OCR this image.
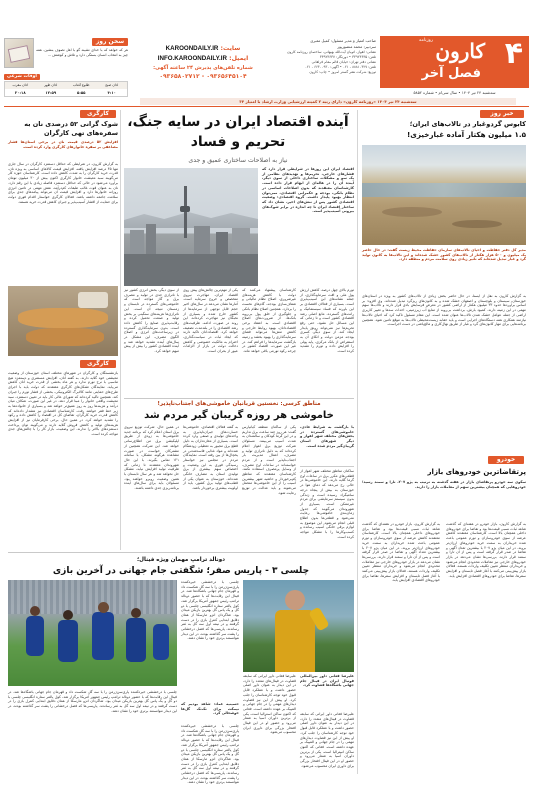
۴
کارون
روزنامه
فصل آخر
سه‌شنبه ۲۴ تیر ۱۴۰۴ • سال سی‌ام • شماره ۵۸۵۲
صاحب امتیاز و مدیر مسئول: کمیل معبری
سردبیر: محمد منصورپور
نشانی: اهواز، اتوبان آیت‌الله بهبهانی، ساختمان روزنامه کارون
تلفن: ۳۳۹۲۳۶۳۵ • دورنگار: ۳۳۹۲۳۶۳۷
نشانی دفتر تهران: خیابان قائم مقام فراهانی
تلفن: ۸۸۸۱۰۴۲۷ - ۰۲۱ • آگهی: ۶۶۴۰۰۹۳۰ - ۰۲۱
توزیع: شرکت نشر گستر امروز • چاپ: کارون
سایت: KAROONDAILY.IR
ایمیل: INFO.KAROONDAILY.IR
شماره تلفن‌های پذیرش ۲۴ ساعته آگهی:
۰۹۳۶۵۶۴۵۱۰۴ - ۰۹۳۶۵۸۰۲۷۱۲
سخن روز
هر که خواهد که با خدای نشیند گو با اهل تصوف بنشین. همه چیز به انتخاب انسان بستگی دارد و تلاش و کوشش ...
اوقات شرعی
اذان صبح
طلوع آفتاب
اذان ظهر
اذان مغرب
۴:۱۰
۵:۵۵
۱۲:۵۹
۲۰:۱۸
سه‌شنبه ۲۴ تیر ۱۴۰۴ «روزنامه کارون» دارای رتبه ۲ کمیته ارزشیابی وزارت ارشاد با امتیاز ۳۴
خبر روز
کابوس گردوغبار در تالاب‌های ایران؛
۱.۵ میلیون هکتار آماده غبارخیزی!
مدیر کل دفتر حفاظت و احیای تالاب‌های سازمان حفاظت محیط زیست گفت: در حال حاضر یک میلیون و ۵۰۰ هزار هکتار از تالاب‌های کشور خشک شده‌اند و این تالاب‌ها به کانون تولید گرد و غبار تبدیل شده‌اند که تاثیر زیادی روی سلامت مردم و منطقه دارد.
به گزارش کارون به نقل از ایسنا، در حال حاضر بخش زیادی از تالاب‌های کشور به ویژه در استان‌های خوزستان، سیستان و بلوچستان و اصفهان خشک شده و به کانون‌های ریزگرد تبدیل شده‌اند. وی افزود: بر اساس برآوردها حدود ۳۳ میلیون هکتار از اراضی کشور در معرض فرسایش بادی قرار دارند و تالاب‌ها سهم مهمی در این زمینه دارند. کمبود بارش، برداشت بی‌رویه از منابع آب زیرزمینی، احداث سدها و تغییر کاربری اراضی از جمله عوامل خشک شدن تالاب‌ها عنوان شده است. این مقام مسئول تاکید کرد که احیای تالاب‌ها نیازمند همکاری همه دستگاه‌های اجرایی است و باید حقابه زیست‌محیطی تالاب‌ها به موقع تامین شود. همچنین برنامه‌هایی برای مهار کانون‌های گرد و غبار از طریق نهال‌کاری و مالچ‌پاشی در دست اجراست.
خودرو
پرتقاضاترین خودروهای بازار
سکوی سه خودرو پرتقاضای بازار در هفته گذشته به ترتیب به پژو ۲۰۷، تارا و سمند رسید؛ خودروهایی که همچنان بیشترین سهم از معاملات بازار را دارند.
به گزارش کارون، بازار خودرو در هفته‌ای که گذشت شاهد ثبات نسبی قیمت‌ها بود و تقاضا برای خودروهای داخلی همچنان بالا است. کارشناسان معتقدند کاهش عرضه از سوی خودروسازان و تورم عمومی باعث شده خریداران به سمت خرید خودروهای ارزان‌تر بروند. در این میان پژو ۲۰۷ با بیشترین تعداد آگهی و تقاضا در صدر قرار گرفته است و پس از آن تارا و سمند قرار دارند. بررسی‌ها نشان می‌دهد در بازار خودروهای خارجی نیز معاملات محدودی انجام می‌شود و خریداران منتظر تعیین تکلیف واردات هستند. فعالان بازار پیش‌بینی می‌کنند با آغاز فصل تابستان و افزایش سفرها، تقاضا برای خودروهای اقتصادی افزایش یابد.
به گزارش کارون، بازار خودرو در هفته‌ای که گذشت شاهد ثبات نسبی قیمت‌ها بود و تقاضا برای خودروهای داخلی همچنان بالا است. کارشناسان معتقدند کاهش عرضه از سوی خودروسازان و تورم عمومی باعث شده خریداران به سمت خرید خودروهای ارزان‌تر بروند. در این میان پژو ۲۰۷ با بیشترین تعداد آگهی و تقاضا در صدر قرار گرفته است و پس از آن تارا و سمند قرار دارند. بررسی‌ها نشان می‌دهد در بازار خودروهای خارجی نیز معاملات محدودی انجام می‌شود و خریداران منتظر تعیین تکلیف واردات هستند. فعالان بازار پیش‌بینی می‌کنند با آغاز فصل تابستان و افزایش سفرها، تقاضا برای خودروهای اقتصادی افزایش یابد.
آینده اقتصاد ایران در سایه جنگ، تحریم و فساد
نیاز به اصلاحات ساختاری عمیق و جدی
اقتصاد ایران این روزها در شرایطی قرار دارد که فشارهای خارجی، تحریم‌ها و تهدیدهای نظامی از یک سو و مشکلات ساختاری داخلی از سوی دیگر، آینده آن را در هاله‌ای از ابهام قرار داده است. کارشناسان معتقدند که بدون اصلاحات اساسی در نظام بانکی، بودجه و حکمرانی اقتصادی، نمی‌توان انتظار بهبود پایدار داشت. گروه اقتصادی: وضعیت اقتصادی کشور پس از تنش‌های اخیر، نشان داد که ساختار اقتصاد ایران تا چه اندازه در برابر شوک‌های بیرونی آسیب‌پذیر است.
تورم بالای چهل درصد، کاهش ارزش پول ملی و افت سرمایه‌گذاری، از جمله نشانه‌های این آسیب‌پذیری است. بسیاری از فعالان اقتصادی بر این باورند که فساد سیستماتیک و رانت‌های گسترده، مانع اصلی رشد اقتصادی کشور است و تا زمانی که این مسائل حل نشود، حتی رفع تحریم‌ها نیز نمی‌تواند رونق پایدار ایجاد کند. از سوی دیگر، کسری بودجه مزمن دولت و اتکای آن به استقراض از بانک مرکزی، پایه پولی را افزایش داده و تورم را تشدید کرده است.
کارشناسان پیشنهاد می‌کنند که دولت با کاهش هزینه‌های غیرضروری، اصلاح نظام مالیاتی و شفاف‌سازی بودجه، گام‌های نخست را بردارد. همچنین اصلاح نظام بانکی و جلوگیری از خلق پول بی‌رویه بانک‌ها، از ضرورت‌های اصلاح اقتصادی است. به اعتقاد برخی اقتصاددانان، بهبود روابط خارجی و کاهش تنش‌ها می‌تواند فضای سرمایه‌گذاری را بهبود بخشد و زمینه بازگشت سرمایه‌ها را فراهم کند. در غیر این صورت، اقتصاد کشور در چرخه رکود تورمی باقی خواهد ماند.
یکی از مهم‌ترین چالش‌های پیش روی اقتصاد ایران، مهاجرت نیروی متخصص و خروج سرمایه است. آمارها نشان می‌دهد در سال‌های اخیر حجم قابل توجهی از سرمایه‌ها از کشور خارج شده و بسیاری از نخبگان نیز مهاجرت کرده‌اند. این روند در صورت ادامه، ظرفیت‌های رشد اقتصادی را در بلندمدت تضعیف خواهد کرد. اقتصاددانان تاکید دارند که ایجاد ثبات در سیاست‌گذاری، احترام به مالکیت خصوصی و کاهش دخالت دولت در بازار از الزامات عبور از بحران است.
از سوی دیگر، بخش انرژی کشور نیز با ناترازی جدی در تولید و مصرف برق و گاز مواجه است که خاموشی‌های گسترده در تابستان و زمستان نتیجه آن است. این ناترازی‌ها هزینه‌های سنگینی بر بخش تولید و صنعت تحمیل کرده و رقابت‌پذیری صنایع را کاهش داده است. بدون سرمایه‌گذاری گسترده در زیرساخت‌های انرژی و اصلاح الگوی مصرف، این مشکل در سال‌های آینده تشدید خواهد شد و آینده اقتصادی کشور را بیش از پیش مبهم خواهد کرد.
مناطق کرسی: نخستین قربانیان خاموشی‌های اجتناب‌ناپذیر!
خاموشی هر روزه گریبان گیر مردم شد
با بازگشت به شرایط عادی، خاموشی‌های گسترده در بخش‌های مختلف شهر اهواز و دیگر شهرهای استان گریبان‌گیر مردم شده است.
ساکنان مناطق مختلف شهر اهواز از قطعی‌های مکرر برق در ساعات اوج گرما گلایه دارند. این خاموشی‌ها در حالی رخ می‌دهد که دمای هوا در خوزستان به بیش از پنجاه درجه سانتیگراد رسیده است و زندگی بدون سیستم سرمایشی برای مردم غیرممکن است. بسیاری از شهروندان می‌گویند که جدول زمان‌بندی خاموشی‌ها رعایت نمی‌شود و قطعی‌ها بدون اطلاع قبلی انجام می‌شود. این موضوع به لوازم برقی خانگی آسیب رسانده و کسب‌وکارها را با مشکل مواجه کرده است.
یکی از ساکنان منطقه کیانپارس گفت: هر روز چند ساعت برق نداریم و در این گرما کودکان و سالمندان به شدت آسیب می‌بینند. مسئولان شرکت توزیع برق اهواز اعلام کرده‌اند که به دلیل ناترازی تولید و مصرف، اعمال مدیریت بار اجتناب‌ناپذیر است و از مردم خواسته‌اند در ساعات اوج مصرف، از وسایل پرمصرف استفاده نکنند. کارشناسان معتقدند که مناطق کم‌برخوردار و حاشیه شهر بیشترین آسیب را از این خاموشی‌ها متحمل می‌شوند و باید عدالت در توزیع رعایت شود.
به گفته فعالان اقتصادی، خاموشی‌ها خسارت‌های جبران‌ناپذیری به واحدهای تولیدی و صنفی وارد کرده است. بسیاری از مغازه‌داران به دلیل قطع برق مجبور به تعطیلی زودهنگام شده‌اند و مواد غذایی فاسدشدنی در یخچال‌ها از بین رفته است. نمایندگان مردم در مجلس نیز خواستار رسیدگی فوری به این وضعیت و اختصاص سهم بیشتری از برق تولیدی استان به مصارف خانگی شده‌اند. خوزستان به عنوان یکی از قطب‌های تولید برق کشور، باید از اولویت بیشتری برخوردار باشد.
در همین حال، شرکت توزیع نیروی برق استان اعلام کرد که برنامه جدید خاموشی‌ها به زودی از طریق اپلیکیشن برق من اطلاع‌رسانی خواهد شد. این شرکت همچنین از مشترکان خواست در صورت مشاهده هرگونه مشکل، با سامانه ۱۲۱ تماس بگیرند. با این حال شهروندان معتقدند تا زمانی که ظرفیت تولید افزایش نیابد، مشکل حل نخواهد شد و هر سال تابستان با همین وضعیت روبرو خواهند بود. مسئولان باید برای سال‌های آینده برنامه‌ریزی جدی داشته باشند.
دونالد ترامپ مهمان ویژه فینال؛
چلسی ۳ - پاریس صفر؛ شگفتی جام جهانی در آخرین بازی
چلسی با درخششی خیره‌کننده پاری‌سن‌ژرمن را با سه گل شکست داد و قهرمان جام جهانی باشگاه‌ها شد. در فینال این رقابت‌ها که با حضور دونالد ترامپ رئیس جمهور آمریکا برگزار شد، کول پالمر ستاره انگلیسی چلسی با دو گل و یک پاس گل بهترین بازیکن میدان بود. شاگردان انزو مارسکا از همان دقایق ابتدایی کنترل بازی را در دست گرفتند و در نیمه اول سه گل به ثمر رساندند. پاریسی‌ها که فصل درخشانی را پشت سر گذاشته بودند، در این دیدار نتوانستند برتری خود را نشان دهند.
حسینیه عماد: شاهد بودیم که نیمکت برای تک‌تک گل‌ها خوشحالی کرد.
چلسی با درخششی خیره‌کننده پاری‌سن‌ژرمن را با سه گل شکست داد و قهرمان جام جهانی باشگاه‌ها شد. در فینال این رقابت‌ها که با حضور دونالد ترامپ رئیس جمهور آمریکا برگزار شد، کول پالمر ستاره انگلیسی چلسی با دو گل و یک پاس گل بهترین بازیکن میدان بود. شاگردان انزو مارسکا از همان دقایق ابتدایی کنترل بازی را در دست گرفتند و در نیمه اول سه گل به ثمر رساندند. پاریسی‌ها که فصل درخشانی را پشت سر گذاشته بودند، در این دیدار نتوانستند برتری خود را نشان دهند.
علیرضا فغانی داور بین‌المللی فوتبال ایران در فینال جام جهانی باشگاه‌ها قضاوت کرد.
علیرضا فغانی داور ایرانی که سابقه قضاوت در فینال‌های متعدد را دارد، در این دیدار به عنوان داور اصلی حضور داشت و با عملکرد قابل قبول خود توجه کارشناسان را جلب کرد. او پیش از این نیز قضاوت دیدارهای مهمی را در جام جهانی و المپیک بر عهده داشته است. فغانی که اکنون ساکن استرالیا است، یکی از برترین داوران آسیا به شمار می‌رود و حضور او در این فینال افتخار بزرگی برای داوری ایران محسوب می‌شود.
علیرضا فغانی داور ایرانی که سابقه قضاوت در فینال‌های متعدد را دارد، در این دیدار به عنوان داور اصلی حضور داشت و با عملکرد قابل قبول خود توجه کارشناسان را جلب کرد. او پیش از این نیز قضاوت دیدارهای مهمی را در جام جهانی و المپیک بر عهده داشته است. فغانی که اکنون ساکن استرالیا است، یکی از برترین داوران آسیا به شمار می‌رود و حضور او در این فینال افتخار بزرگی برای داوری ایران محسوب می‌شود.
چلسی با درخششی خیره‌کننده پاری‌سن‌ژرمن را با سه گل شکست داد و قهرمان جام جهانی باشگاه‌ها شد. در فینال این رقابت‌ها که با حضور دونالد ترامپ رئیس جمهور آمریکا برگزار شد، کول پالمر ستاره انگلیسی چلسی با دو گل و یک پاس گل بهترین بازیکن میدان بود. شاگردان انزو مارسکا از همان دقایق ابتدایی کنترل بازی را در دست گرفتند و در نیمه اول سه گل به ثمر رساندند. پاریسی‌ها که فصل درخشانی را پشت سر گذاشته بودند، در این دیدار نتوانستند برتری خود را نشان دهند.
کارگری
شوک گرانی ۵۲ درصدی نان به سفره‌های تهی کارگران
افزایش ۵۲ درصدی قیمت نان در برخی استان‌ها فشار مضاعفی بر سفره خانوارهای کارگری وارد کرده است.
به گزارش کارون، در شرایطی که حداقل دستمزد کارگران در سال جاری تنها ۴۵ درصد افزایش یافته، افزایش قیمت کالاهای اساسی به ویژه نان، قدرت خرید کارگران را به شدت کاهش داده است. کارشناسان حوزه کار می‌گویند سبد معیشت خانوار کارگری اکنون بیش از ۳۰ میلیون تومان برآورد می‌شود در حالی که حداقل دستمزد فاصله زیادی با این رقم دارد. نان به عنوان قوت غالب طبقات کم‌درآمد، نقش مهمی در تامین انرژی روزانه خانوارها دارد و افزایش قیمت آن می‌تواند پیامدهای جدی برای سلامت جامعه داشته باشد. فعالان کارگری خواستار اقدام فوری دولت برای حمایت از اقشار آسیب‌پذیر و جبران کاهش قدرت خرید هستند.
کارگری
بازنشستگان و کارگران در شهرهای مختلف استان خوزستان از وضعیت معیشتی خود گلایه دارند. به گفته آنان، افزایش مستمری و دستمزد هیچ تناسبی با نرخ تورم ندارد و هر ماه بخشی از قدرت خرید آنان کاهش می‌یابد. نمایندگان تشکل‌های کارگری معتقدند که دولت باید با اجرای طرح‌های حمایتی مانند کالابرگ الکترونیکی، بخشی از فشار تورم را جبران کند. همچنین تاکید کرده‌اند که شورای عالی کار باید در تعیین دستمزد، سبد معیشت واقعی خانوار را مبنا قرار دهد. در غیر این صورت، شکاف میان درآمد و هزینه‌ها روز به روز عمیق‌تر خواهد شد و بسیاری از خانواده‌ها به زیر خط فقر خواهند رفت. کارشناسان اقتصادی نیز هشدار داده‌اند که کاهش قدرت خرید کارگران، تقاضای کل در اقتصاد را کاهش داده و رکود را تشدید خواهد کرد. در همین حال، برخی کارفرمایان نیز از افزایش هزینه‌های تولید و کاهش فروش گلایه دارند و می‌گویند توان پرداخت دستمزدهای بالاتر را ندارند. این وضعیت، بازار کار را با چالش‌های جدی مواجه کرده است.
